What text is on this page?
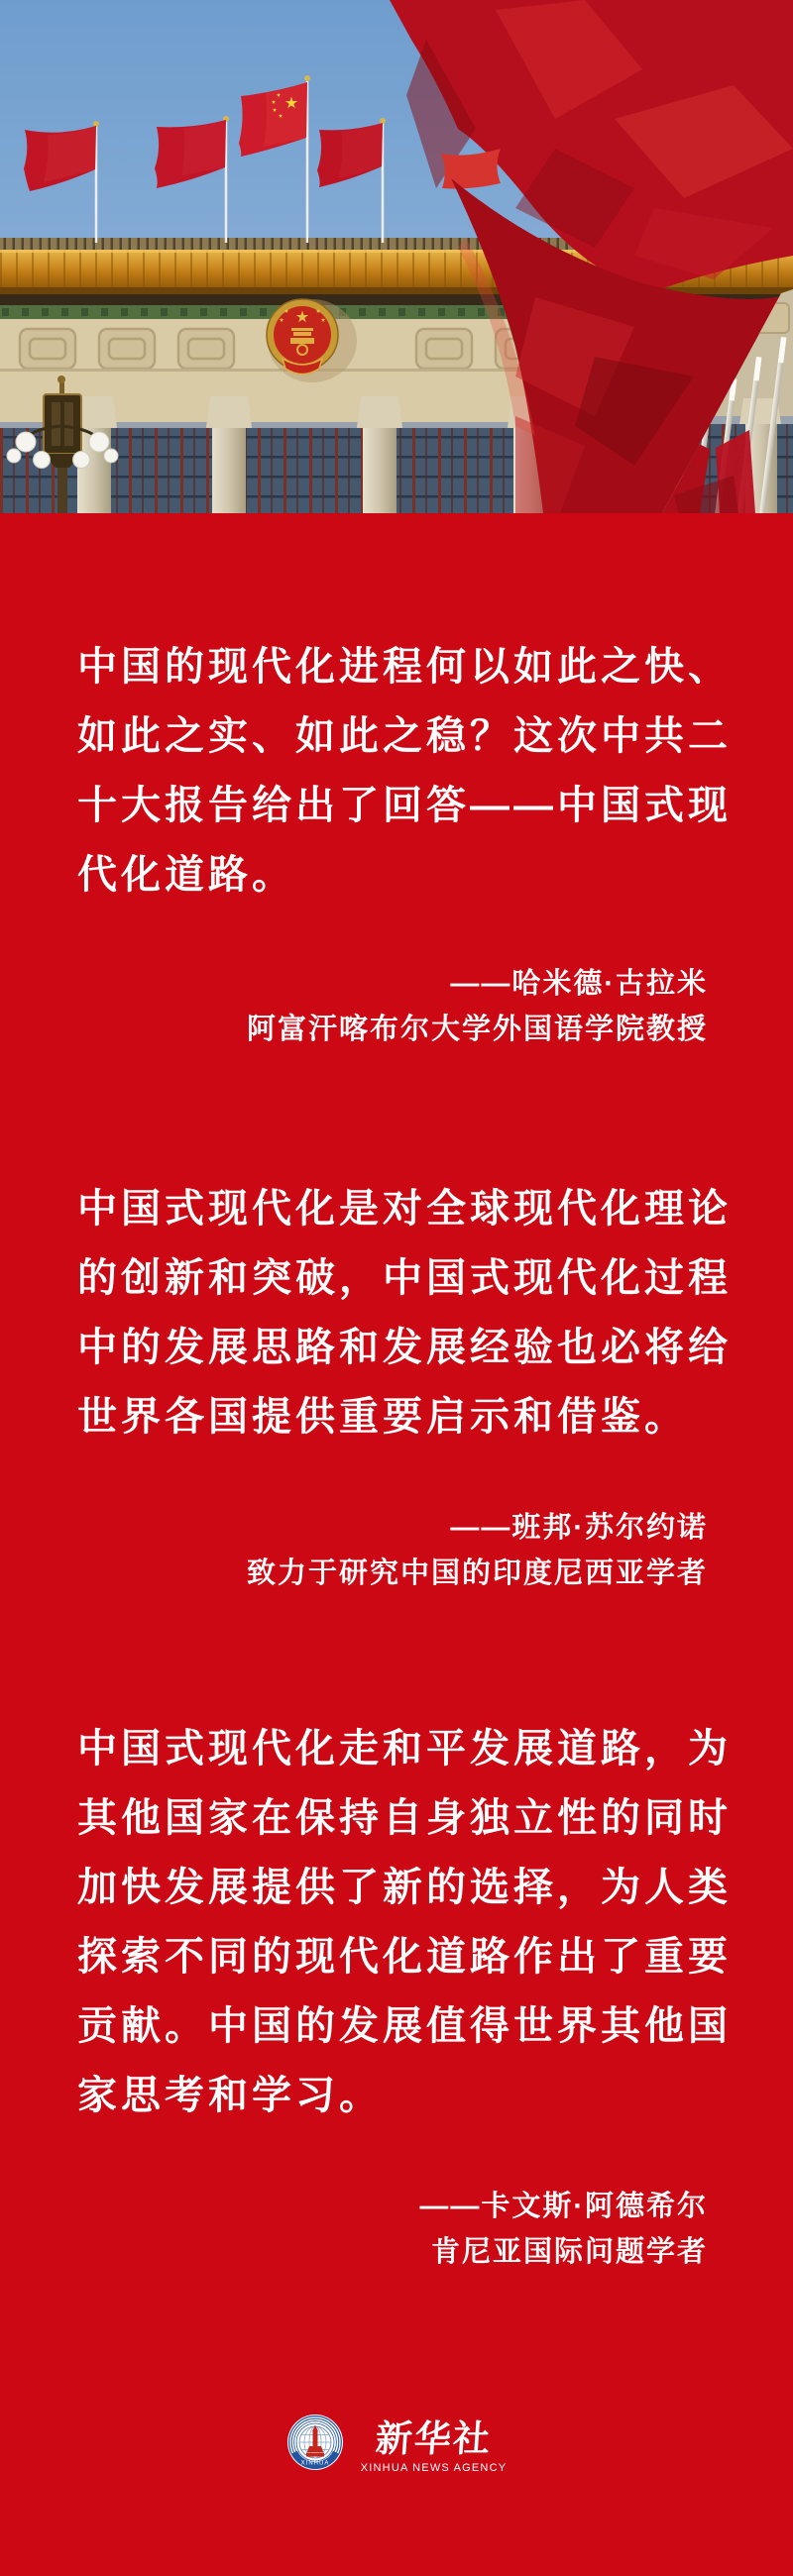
中国的现代化进程何以如此之快、
如此之实、如此之稳？这次中共二
十大报告给出了回答——中国式现
代化道路。
——哈米德·古拉米
阿富汗喀布尔大学外国语学院教授
中国式现代化是对全球现代化理论
的创新和突破，中国式现代化过程
中的发展思路和发展经验也必将给
世界各国提供重要启示和借鉴。
——班邦·苏尔约诺
致力于研究中国的印度尼西亚学者
中国式现代化走和平发展道路，为
其他国家在保持自身独立性的同时
加快发展提供了新的选择，为人类
探索不同的现代化道路作出了重要
贡献。中国的发展值得世界其他国
家思考和学习。
——卡文斯·阿德希尔
肯尼亚国际问题学者
XINHUA
新华社
XINHUA NEWS AGENCY
